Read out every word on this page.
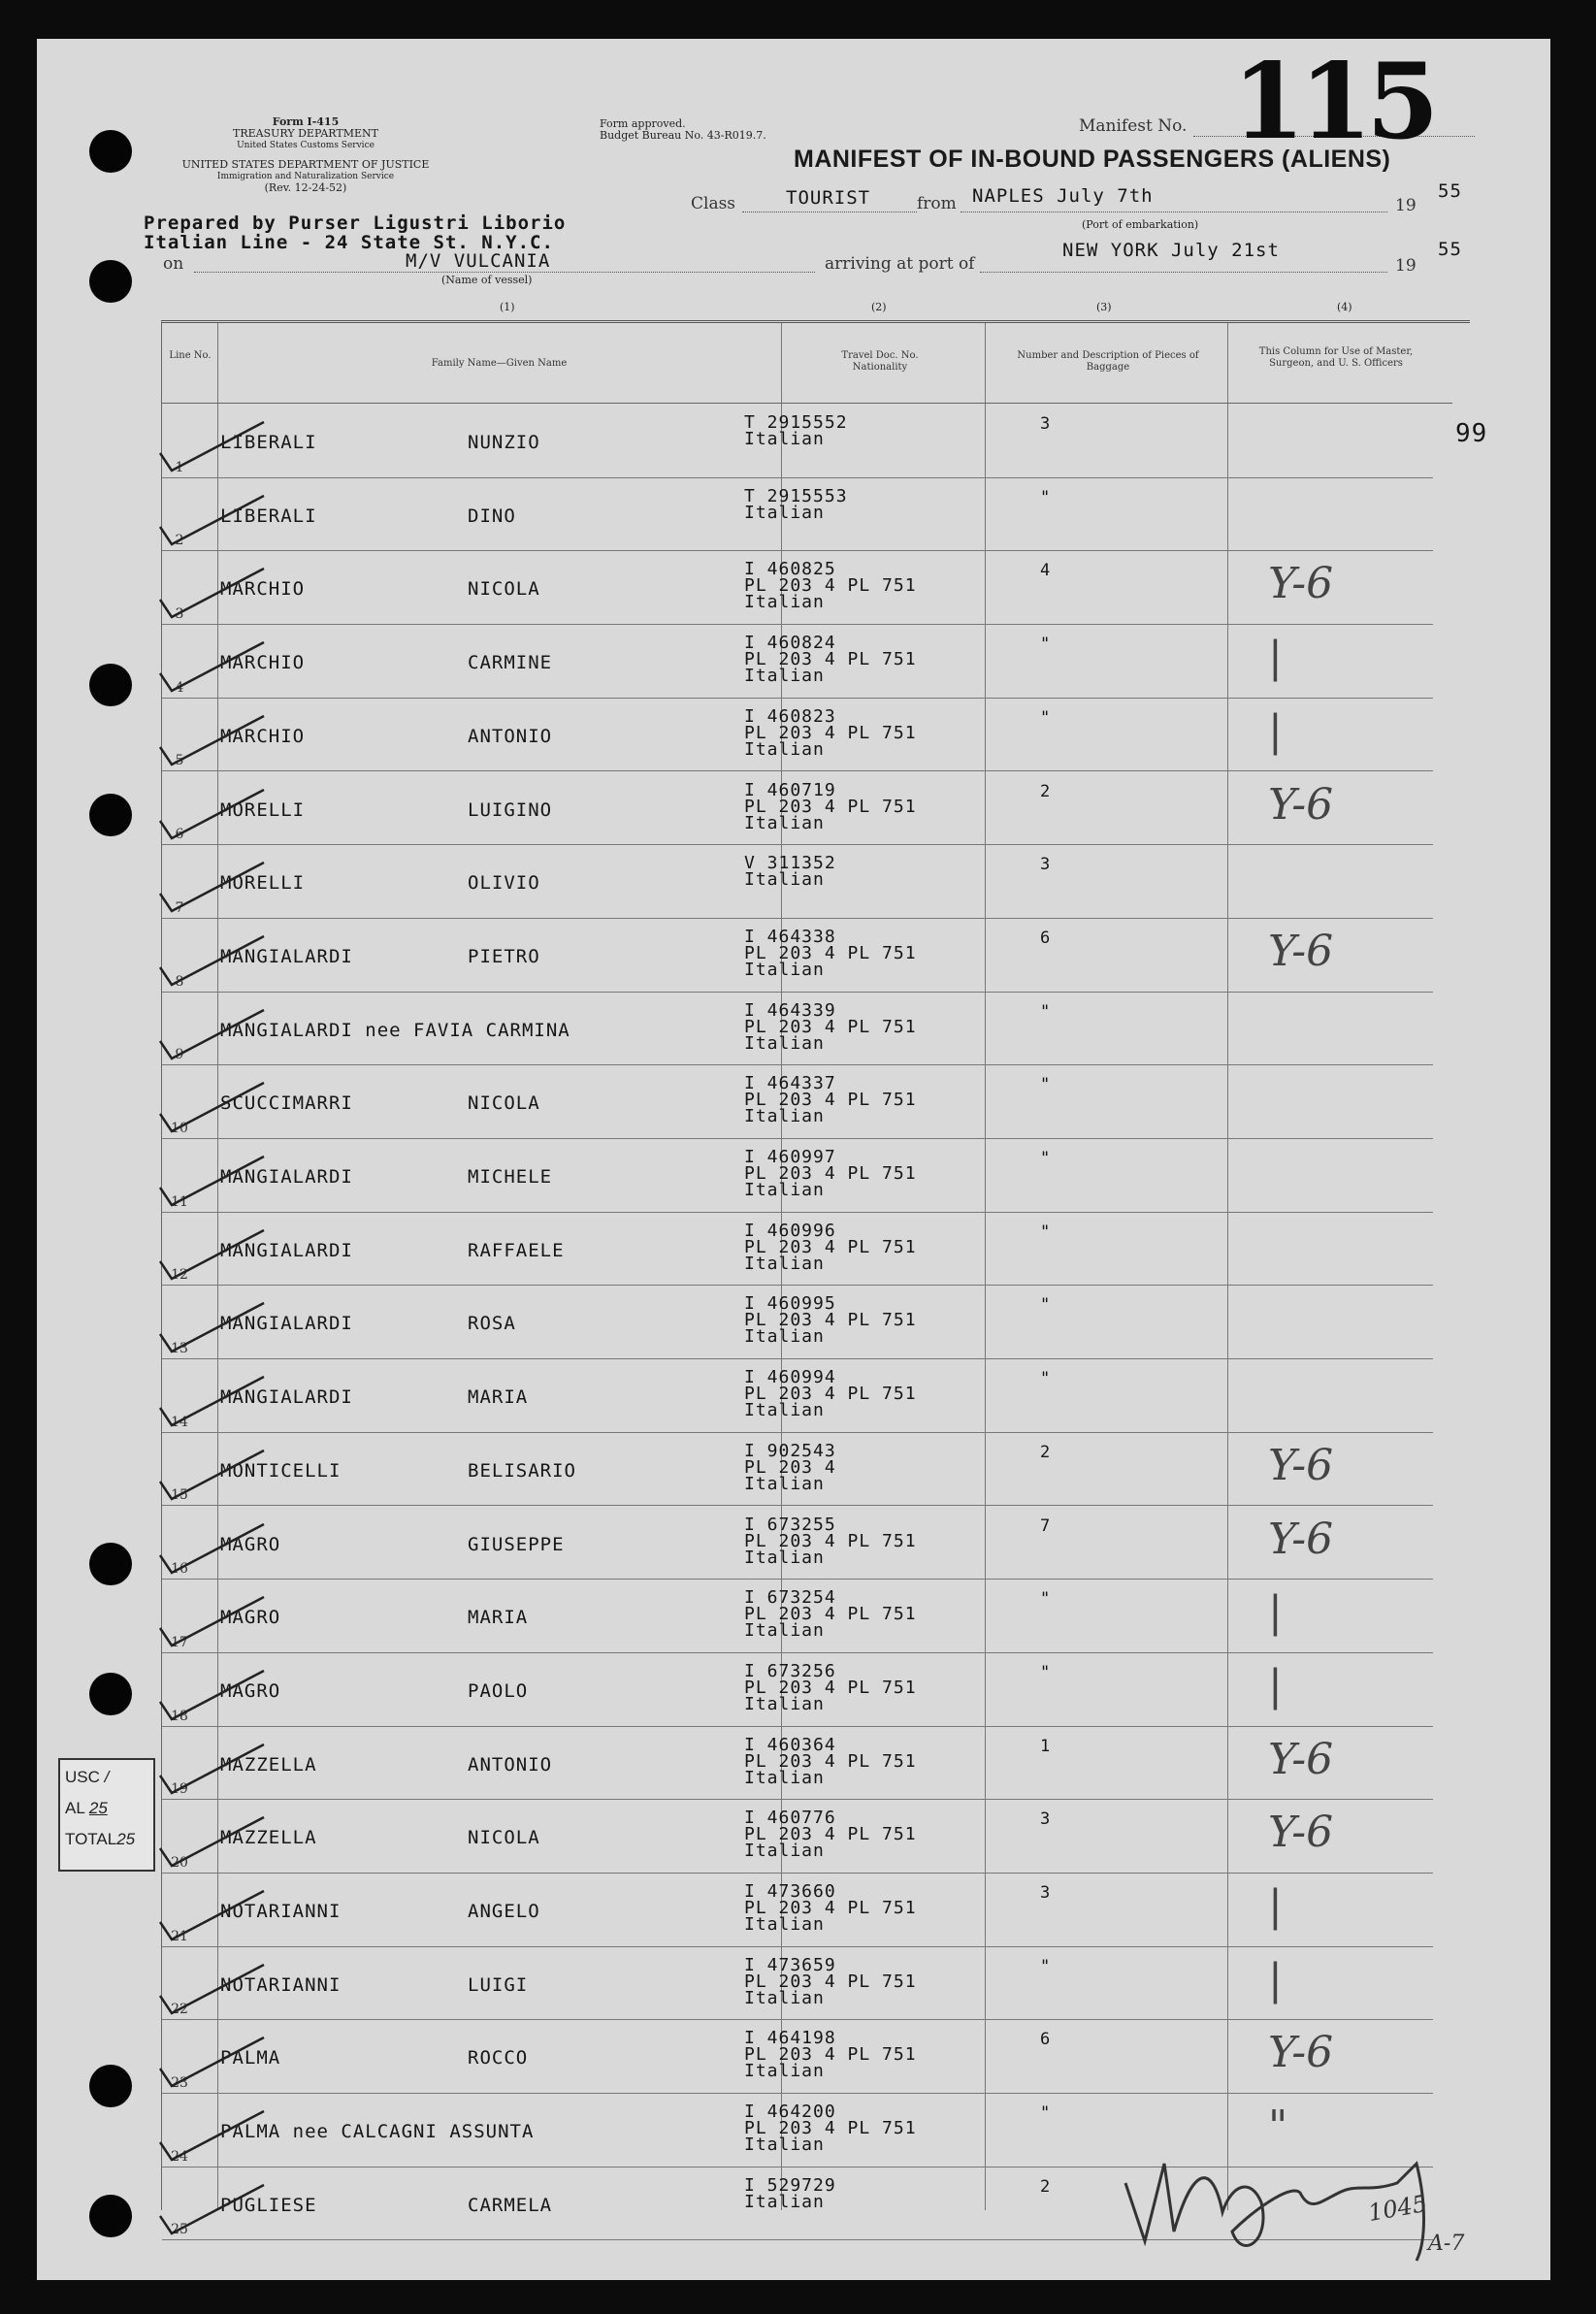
Form I-415
TREASURY DEPARTMENT
United States Customs Service
UNITED STATES DEPARTMENT OF JUSTICE
Immigration and Naturalization Service
(Rev. 12-24-52)
Form approved.
Budget Bureau No. 43-R019.7.	Manifest No. 115
MANIFEST OF IN-BOUND PASSENGERS (ALIENS)
Class	TOURIST	from NAPLES July 7th	19
55
(Port of embarkation)
Prepared by Purser Ligustri Liborio
Italian Line - 24 State St. N.Y.C.
on	M/V VULCANIA
(Name of vessel)
arriving at port of
NEW YORK July 21st
19
55
(1)	(2)	(3)	(4)
Line No.
Family Name—Given Name
Travel Doc. No. Nationality
Number and Description of Pieces of Baggage
This Column for Use of Master, Surgeon, and U. S. Officers
1
LIBERALI	NUNZIO
T 2915552
Italian
3
2
LIBERALI	DINO
T 2915553
Italian
"
3
MARCHIO	NICOLA
I 460825
PL 203 4 PL 751
Italian
4	Y-6
4
MARCHIO	CARMINE
I 460824
PL 203 4 PL 751
Italian
"	|
5
MARCHIO	ANTONIO
I 460823
PL 203 4 PL 751
Italian
"	|
6
MORELLI	LUIGINO
I 460719
PL 203 4 PL 751
Italian
2	Y-6
7
MORELLI	OLIVIO
V 311352
Italian
3
8
MANGIALARDI	PIETRO
I 464338
PL 203 4 PL 751
Italian
6	Y-6
9
MANGIALARDI nee FAVIA CARMINA
I 464339
PL 203 4 PL 751
Italian
"
10
SCUCCIMARRI	NICOLA
I 464337
PL 203 4 PL 751
Italian
"
11
MANGIALARDI	MICHELE
I 460997
PL 203 4 PL 751
Italian
"
12
MANGIALARDI	RAFFAELE
I 460996
PL 203 4 PL 751
Italian
"
13
MANGIALARDI	ROSA
I 460995
PL 203 4 PL 751
Italian
"
14
MANGIALARDI	MARIA
I 460994
PL 203 4 PL 751
Italian
"
15
MONTICELLI	BELISARIO
I 902543
PL 203 4
Italian
2	Y-6
16
MAGRO	GIUSEPPE
I 673255
PL 203 4 PL 751
Italian
7	Y-6
17
MAGRO	MARIA
I 673254
PL 203 4 PL 751
Italian
"	|
18
MAGRO	PAOLO
I 673256
PL 203 4 PL 751
Italian
"	|
19
MAZZELLA	ANTONIO
I 460364
PL 203 4 PL 751
Italian
1	Y-6
20
MAZZELLA	NICOLA
I 460776
PL 203 4 PL 751
Italian
3	Y-6
21
NOTARIANNI	ANGELO
I 473660
PL 203 4 PL 751
Italian
3	|
22
NOTARIANNI	LUIGI
I 473659
PL 203 4 PL 751
Italian
"	|
23
PALMA	ROCCO
I 464198
PL 203 4 PL 751
Italian
6	Y-6
24
PALMA nee CALCAGNI ASSUNTA
I 464200
PL 203 4 PL 751
Italian
"	"
25
PUGLIESE	CARMELA
I 529729
Italian
2
99
USC /
AL 25
TOTAL25
1045
A-7
